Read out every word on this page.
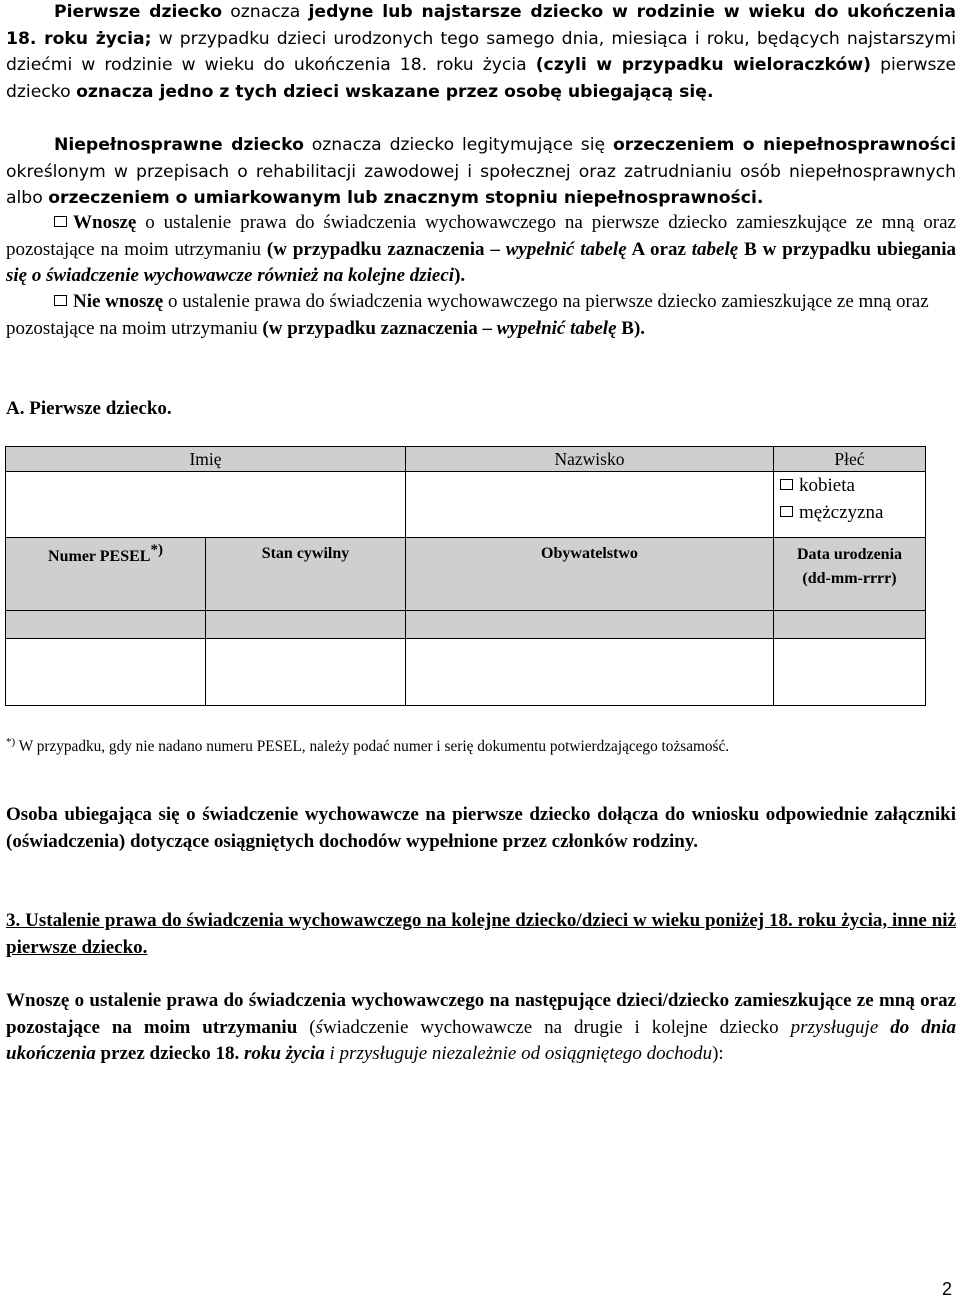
Pierwsze dziecko oznacza jedyne lub najstarsze dziecko w rodzinie w wieku do ukończenia 18. roku życia; w przypadku dzieci urodzonych tego samego dnia, miesiąca i roku, będących najstarszymi dziećmi w rodzinie w wieku do ukończenia 18. roku życia (czyli w przypadku wieloraczków) pierwsze dziecko oznacza jedno z tych dzieci wskazane przez osobę ubiegającą się.

Niepełnosprawne dziecko oznacza dziecko legitymujące się orzeczeniem o niepełnosprawności określonym w przepisach o rehabilitacji zawodowej i społecznej oraz zatrudnianiu osób niepełnosprawnych albo orzeczeniem o umiarkowanym lub znacznym stopniu niepełnosprawności.

Wnoszę o ustalenie prawa do świadczenia wychowawczego na pierwsze dziecko zamieszkujące ze mną oraz pozostające na moim utrzymaniu (w przypadku zaznaczenia – wypełnić tabelę A oraz tabelę B w przypadku ubiegania się o świadczenie wychowawcze również na kolejne dzieci).

Nie wnoszę o ustalenie prawa do świadczenia wychowawczego na pierwsze dziecko zamieszkujące ze mną oraz pozostające na moim utrzymaniu (w przypadku zaznaczenia – wypełnić tabelę B).

A. Pierwsze dziecko.

Imię	Nazwisko	Płeć

		kobieta
mężczyzna
Numer PESEL*)	Stan cywilny	Obywatelstwo	Data urodzenia
(dd-mm-rrrr)

*) W przypadku, gdy nie nadano numeru PESEL, należy podać numer i serię dokumentu potwierdzającego tożsamość.

Osoba ubiegająca się o świadczenie wychowawcze na pierwsze dziecko dołącza do wniosku odpowiednie załączniki (oświadczenia) dotyczące osiągniętych dochodów wypełnione przez członków rodziny.

3. Ustalenie prawa do świadczenia wychowawczego na kolejne dziecko/dzieci w wieku poniżej 18. roku życia, inne niż pierwsze dziecko.

Wnoszę o ustalenie prawa do świadczenia wychowawczego na następujące dzieci/dziecko zamieszkujące ze mną oraz pozostające na moim utrzymaniu (świadczenie wychowawcze na drugie i kolejne dziecko przysługuje do dnia ukończenia przez dziecko 18. roku życia i przysługuje niezależnie od osiągniętego dochodu):

2
